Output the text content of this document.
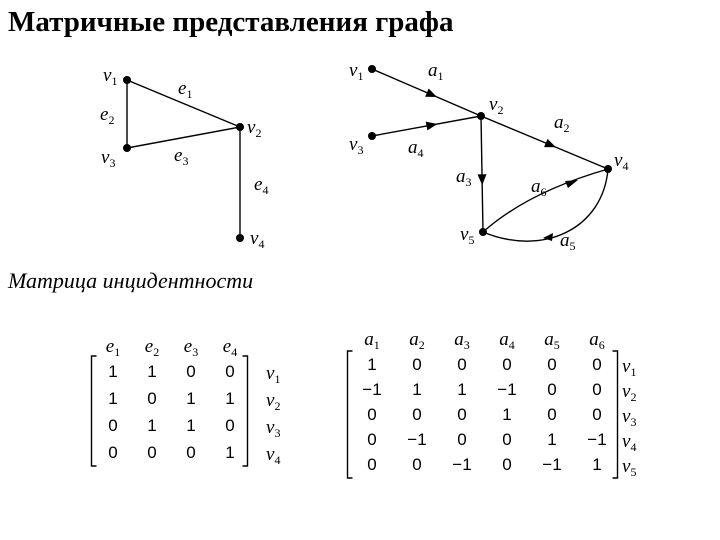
Матричные представления графа
Матрица инцидентности
$v_1$
$v_2$
$v_3$
$v_4$
$e_1$
$e_2$
$e_3$
$e_4$
$v_1$
$v_2$
$v_3$	$v_4$
$v_5$
$a_1$
$a_2$
$a_3$
$a_4$
$a_5$
$a_6$
$e_1$ $e_2$ $e_3$ $e_4$
1 1 0 0 $v_1$
1 0 1 1 $v_2$
0 1 1 0 $v_3$
0 0 0 1 $v_4$
$a_1$ $a_2$ $a_3$ $a_4$ $a_5$ $a_6$
1 0 0 0 0 0 $v_1$
−1 1 1 −1 0 0 $v_2$
0 0 0 1 0 0 $v_3$
0 −1 0 0 1 −1 $v_4$
0 0 −1 0 −1 1 $v_5$
